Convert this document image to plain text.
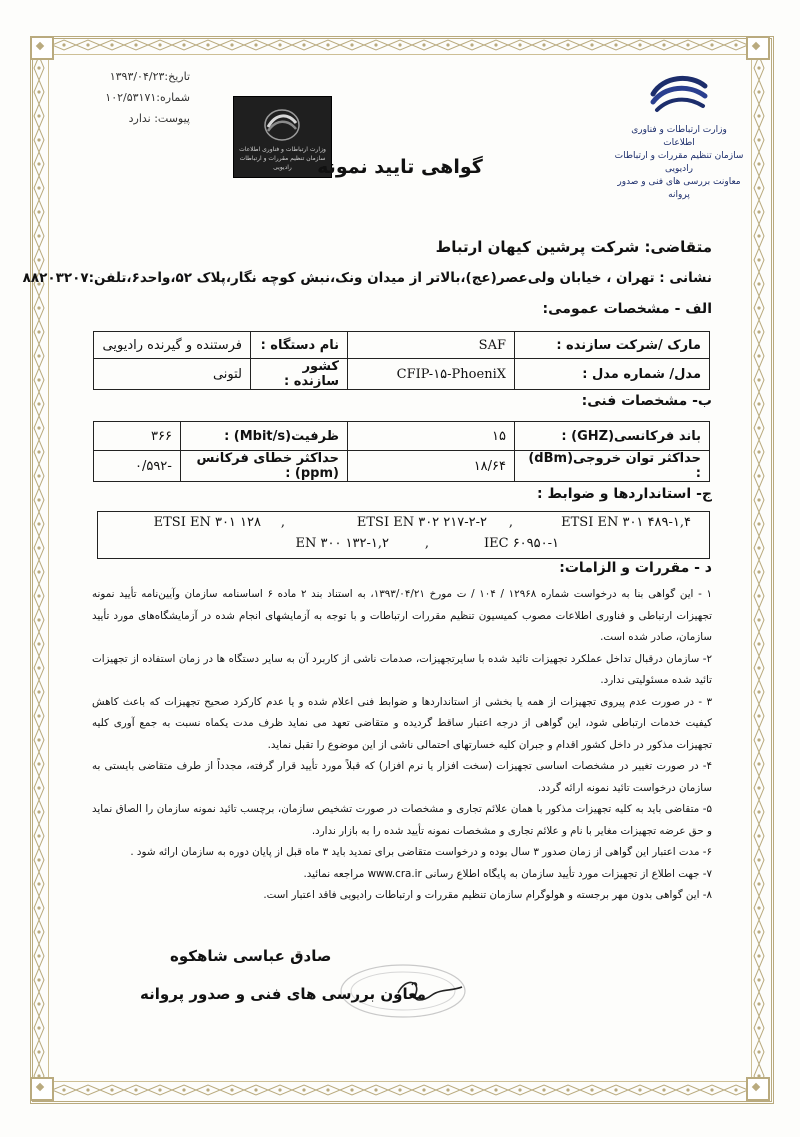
تاریخ:۱۳۹۳/۰۴/۲۳
شماره:۱۰۲/۵۳۱۷۱
پیوست: ندارد
وزارت ارتباطات و فناوری اطلاعات
سازمان تنظیم مقررات و ارتباطات رادیویی
وزارت ارتباطات و فناوری اطلاعات
سازمان تنظیم مقررات و ارتباطات رادیویی
معاونت بررسی های فنی و صدور پروانه
گواهی تایید نمونه
متقاضی: شرکت پرشین کیهان ارتباط
نشانی : تهران ، خیابان ولی‌عصر(عج)،بالاتر از میدان ونک،نبش کوچه نگار،پلاک ۵۲،واحد۶،تلفن:۸۸۲۰۳۲۰۷
الف - مشخصات عمومی:
مارک /شرکت سازنده :	SAF	نام دستگاه :	فرستنده و گیرنده رادیویی
مدل/ شماره مدل :	CFIP-۱۵-PhoeniX	کشور سازنده :	لتونی
ب- مشخصات فنی:
باند فرکانسی(GHZ) :	۱۵	ظرفیت(Mbit/s) :	۳۶۶
حداکثر توان خروجی(dBm) :	۱۸/۶۴	حداکثر خطای فرکانس (ppm) :	-۰/۵۹۲
ج- استانداردها و ضوابط :
ETSI EN ۳۰۱ ۴۸۹-۱,۴
,
ETSI EN ۳۰۲ ۲۱۷-۲-۲
,
ETSI EN ۳۰۱ ۱۲۸
IEC ۶۰۹۵۰-۱
,
EN ۳۰۰ ۱۳۲-۱,۲
د - مقررات و الزامات:

۱ - این گواهی بنا به درخواست شماره ۱۲۹۶۸ / ۱۰۴ / ت مورخ ۱۳۹۳/۰۴/۲۱، به استناد بند ۲ ماده ۶ اساسنامه سازمان وآیین‌نامه تأیید نمونه تجهیزات ارتباطی و فناوری اطلاعات مصوب کمیسیون تنظیم مقررات ارتباطات و با توجه به آزمایشهای انجام شده در آزمایشگاه‌های مورد تأیید سازمان، صادر شده است.

۲- سازمان درقبال تداخل عملکرد تجهیزات تائید شده با سایرتجهیزات، صدمات ناشی از کاربرد آن به سایر دستگاه ها در زمان استفاده از تجهیزات تائید شده مسئولیتی ندارد.

۳ - در صورت عدم پیروی تجهیزات از همه یا بخشی از استانداردها و ضوابط فنی اعلام شده و یا عدم کارکرد صحیح تجهیزات که باعث کاهش کیفیت خدمات ارتباطی شود، این گواهی از درجه اعتبار ساقط گردیده و متقاضی تعهد می نماید ظرف مدت یکماه نسبت به جمع آوری کلیه تجهیزات مذکور در داخل کشور اقدام و جبران کلیه خسارتهای احتمالی ناشی از این موضوع را تقبل نماید.

۴- در صورت تغییر در مشخصات اساسی تجهیزات (سخت افزار یا نرم افزار) که قبلاً مورد تأیید قرار گرفته، مجدداً از طرف متقاضی بایستی به سازمان درخواست تائید نمونه ارائه گردد.

۵- متقاضی باید به کلیه تجهیزات مذکور با همان علائم تجاری و مشخصات در صورت تشخیص سازمان، برچسب تائید نمونه سازمان را الصاق نماید و حق عرضه تجهیزات مغایر با نام و علائم تجاری و مشخصات نمونه تأیید شده را به بازار ندارد.

۶- مدت اعتبار این گواهی از زمان صدور ۳ سال بوده و درخواست متقاضی برای تمدید باید ۳ ماه قبل از پایان دوره به سازمان ارائه شود .

۷- جهت اطلاع از تجهیزات مورد تأیید سازمان به پایگاه اطلاع رسانی www.cra.ir مراجعه نمائید.

۸- این گواهی بدون مهر برجسته و هولوگرام سازمان تنظیم مقررات و ارتباطات رادیویی فاقد اعتبار است.

صادق عباسی شاهکوه
معاون بررسی های فنی و صدور پروانه
